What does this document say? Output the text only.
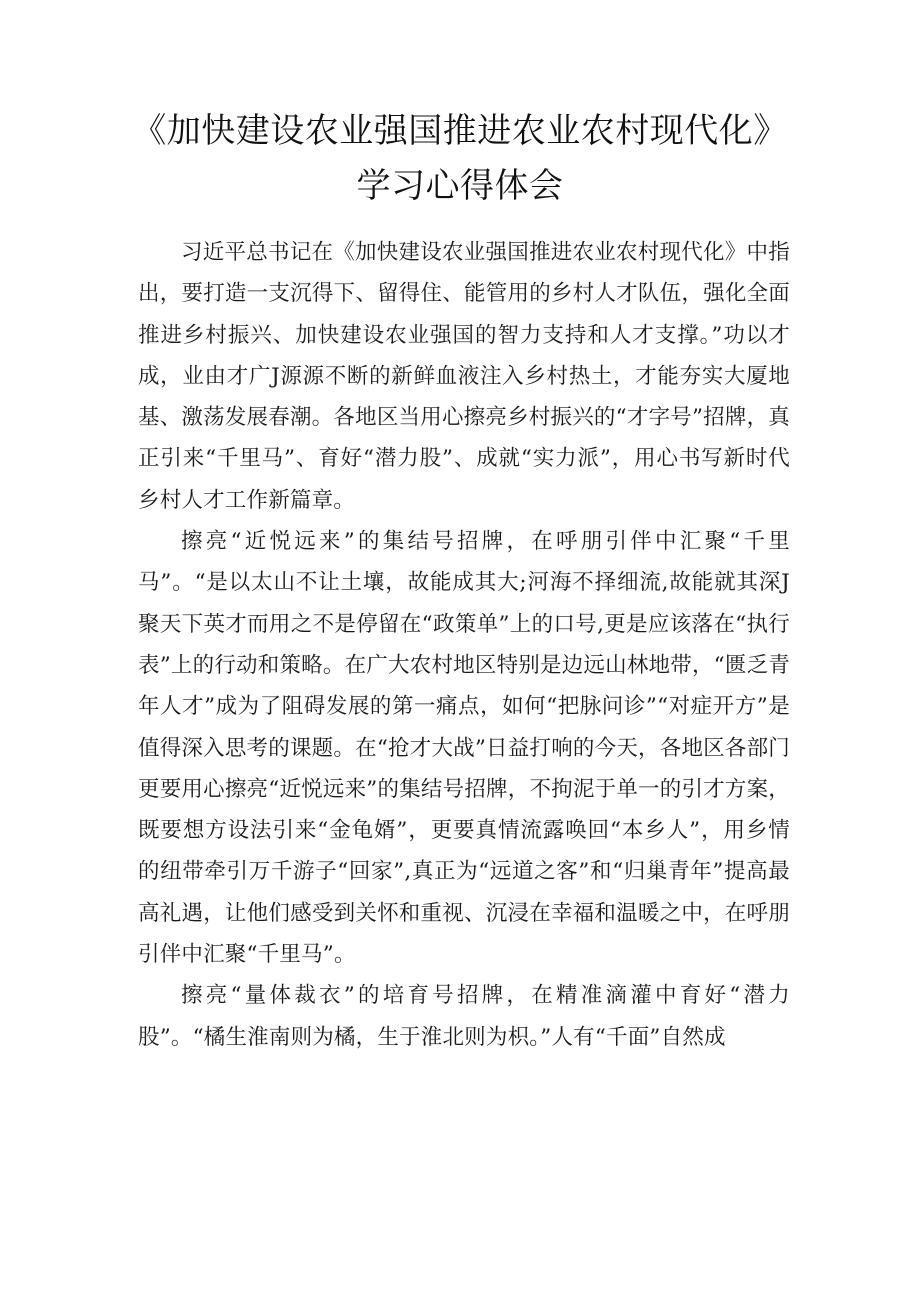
《加快建设农业强国推进农业农村现代化》学习心得体会

习近平总书记在《加快建设农业强国推进农业农村现代化》中指出，要打造一支沉得下、留得住、能管用的乡村人才队伍，强化全面推进乡村振兴、加快建设农业强国的智力支持和人才支撑。”功以才成，业由才广J源源不断的新鲜血液注入乡村热土，才能夯实大厦地基、激荡发展春潮。各地区当用心擦亮乡村振兴的“才字号”招牌，真正引来“千里马”、育好“潜力股”、成就“实力派”，用心书写新时代乡村人才工作新篇章。

擦亮“近悦远来”的集结号招牌，在呼朋引伴中汇聚“千里马”。“是以太山不让土壤，故能成其大;河海不择细流,故能就其深J聚天下英才而用之不是停留在“政策单”上的口号,更是应该落在“执行表”上的行动和策略。在广大农村地区特别是边远山林地带，“匮乏青年人才”成为了阻碍发展的第一痛点，如何“把脉问诊”“对症开方”是值得深入思考的课题。在“抢才大战”日益打响的今天，各地区各部门更要用心擦亮“近悦远来”的集结号招牌，不拘泥于单一的引才方案，既要想方设法引来“金龟婿”，更要真情流露唤回“本乡人”，用乡情的纽带牵引万千游子“回家”,真正为“远道之客”和“归巢青年”提高最高礼遇，让他们感受到关怀和重视、沉浸在幸福和温暖之中，在呼朋引伴中汇聚“千里马”。

擦亮“量体裁衣”的培育号招牌，在精准滴灌中育好“潜力股”。“橘生淮南则为橘，生于淮北则为枳。”人有“千面”自然成
